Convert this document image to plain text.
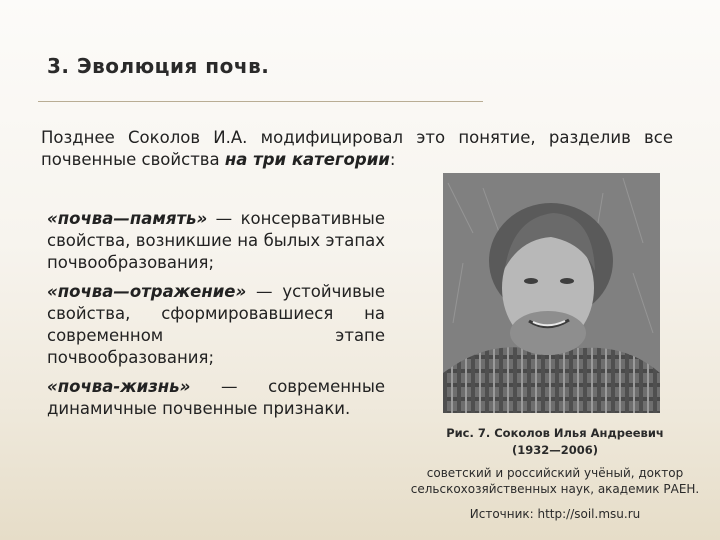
3. Эволюция почв.
Позднее Соколов И.А. модифицировал это понятие, разделив все почвенные свойства на три категории:
«почва—память» — консервативные свойства, возникшие на былых этапах почвообразования;
«почва—отражение» — устойчивые свойства, сформировавшиеся на современном этапе почвообразования;
«почва-жизнь» — современные динамичные почвенные признаки.
Рис. 7. Соколов Илья Андреевич
(1932—2006)
советский и российский учёный, доктор сельскохозяйственных наук, академик РАЕН.
Источник: http://soil.msu.ru
